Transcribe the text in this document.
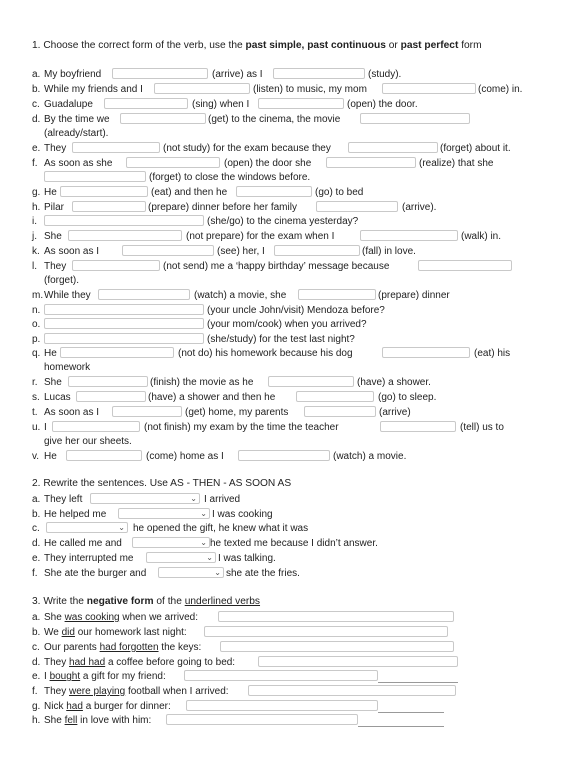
1. Choose the correct form of the verb, use the past simple, past continuous or past perfect form
a. My boyfriend	(arrive) as I	(study).
b. While my friends and I	(listen) to music, my mom	(come) in.
c. Guadalupe	(sing) when I	(open) the door.
d. By the time we	(get) to the cinema, the movie
(already/start).
e. They	(not study) for the exam because they	(forget) about it.
f. As soon as she	(open) the door she	(realize) that she
(forget) to close the windows before.
g. He	(eat) and then he	(go) to bed
h. Pilar	(prepare) dinner before her family	(arrive).
i.	(she/go) to the cinema yesterday?
j. She	(not prepare) for the exam when I	(walk) in.
k. As soon as I	(see) her, I	(fall) in love.
l. They	(not send) me a ‘happy birthday’ message because
(forget).
m. While they	(watch) a movie, she	(prepare) dinner
n.	(your uncle John/visit) Mendoza before?
o.	(your mom/cook) when you arrived?
p.	(she/study) for the test last night?
q. He	(not do) his homework because his dog	(eat) his
homework
r. She	(finish) the movie as he	(have) a shower.
s. Lucas	(have) a shower and then he	(go) to sleep.
t. As soon as I	(get) home, my parents	(arrive)
u. I	(not finish) my exam by the time the teacher	(tell) us to
give her our sheets.
v. He	(come) home as I	(watch) a movie.
2. Rewrite the sentences. Use AS - THEN - AS SOON AS
a. They left	⌄ I arrived
b. He helped me	⌄ I was cooking
c.	⌄ he opened the gift, he knew what it was
d. He called me and	⌄ he texted me because I didn’t answer.
e. They interrupted me	⌄ I was talking.
f. She ate the burger and	⌄ she ate the fries.
3. Write the negative form of the underlined verbs
a. She was cooking when we arrived:
b. We did our homework last night:
c. Our parents had forgotten the keys:
d. They had had a coffee before going to bed:
e. I bought a gift for my friend:
f. They were playing football when I arrived:
g. Nick had a burger for dinner:
h. She fell in love with him:
